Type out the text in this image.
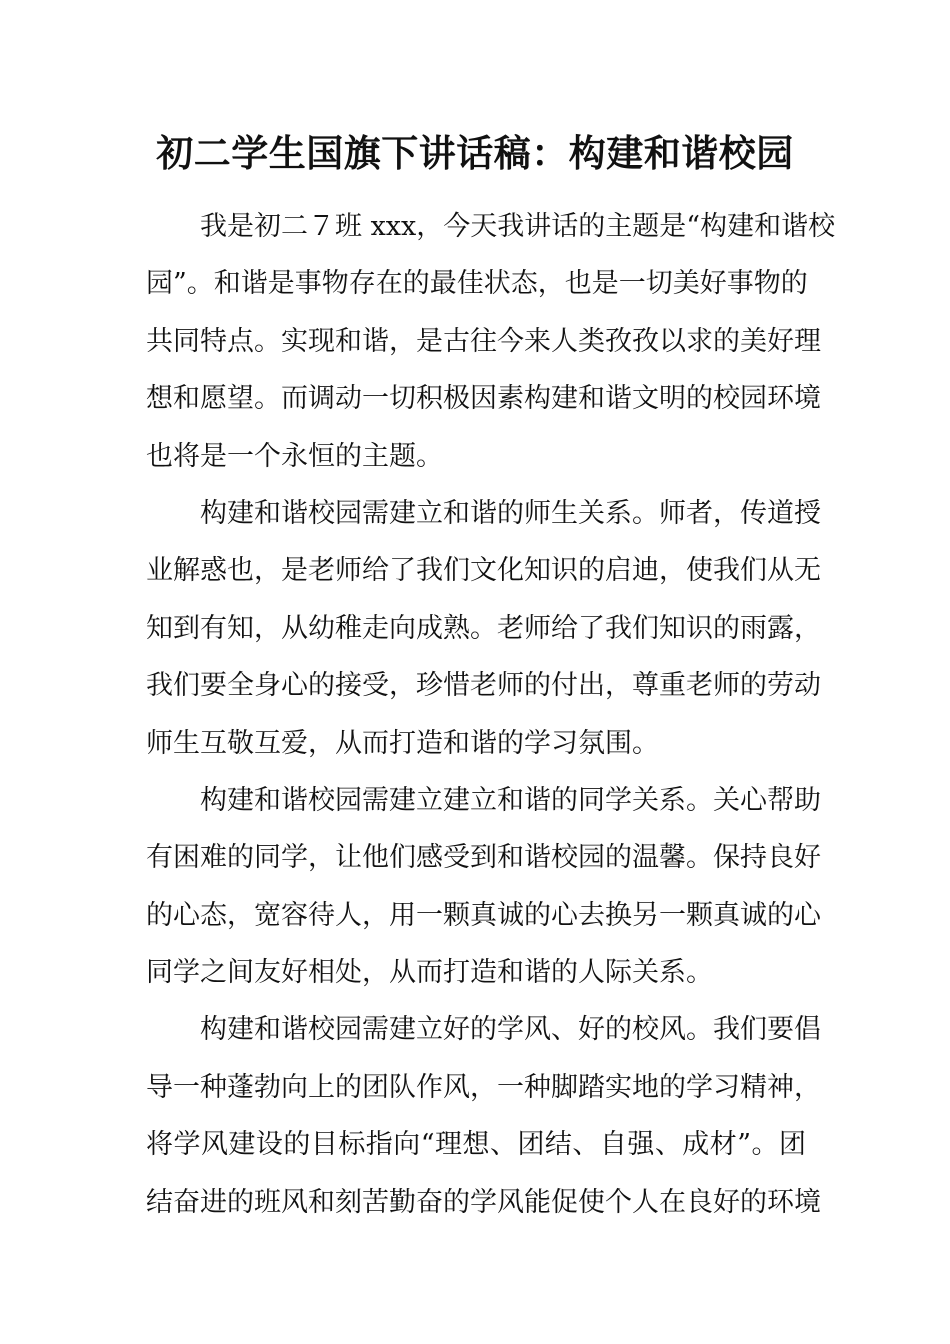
初二学生国旗下讲话稿：构建和谐校园
我是初二７班 xxx，今天我讲话的主题是“构建和谐校
园”。和谐是事物存在的最佳状态，也是一切美好事物的
共同特点。实现和谐，是古往今来人类孜孜以求的美好理
想和愿望。而调动一切积极因素构建和谐文明的校园环境
也将是一个永恒的主题。
构建和谐校园需建立和谐的师生关系。师者，传道授
业解惑也，是老师给了我们文化知识的启迪，使我们从无
知到有知，从幼稚走向成熟。老师给了我们知识的雨露，
我们要全身心的接受，珍惜老师的付出，尊重老师的劳动
师生互敬互爱，从而打造和谐的学习氛围。
构建和谐校园需建立建立和谐的同学关系。关心帮助
有困难的同学，让他们感受到和谐校园的温馨。保持良好
的心态，宽容待人，用一颗真诚的心去换另一颗真诚的心
同学之间友好相处，从而打造和谐的人际关系。
构建和谐校园需建立好的学风、好的校风。我们要倡
导一种蓬勃向上的团队作风，一种脚踏实地的学习精神，
将学风建设的目标指向“理想、团结、自强、成材”。团
结奋进的班风和刻苦勤奋的学风能促使个人在良好的环境
